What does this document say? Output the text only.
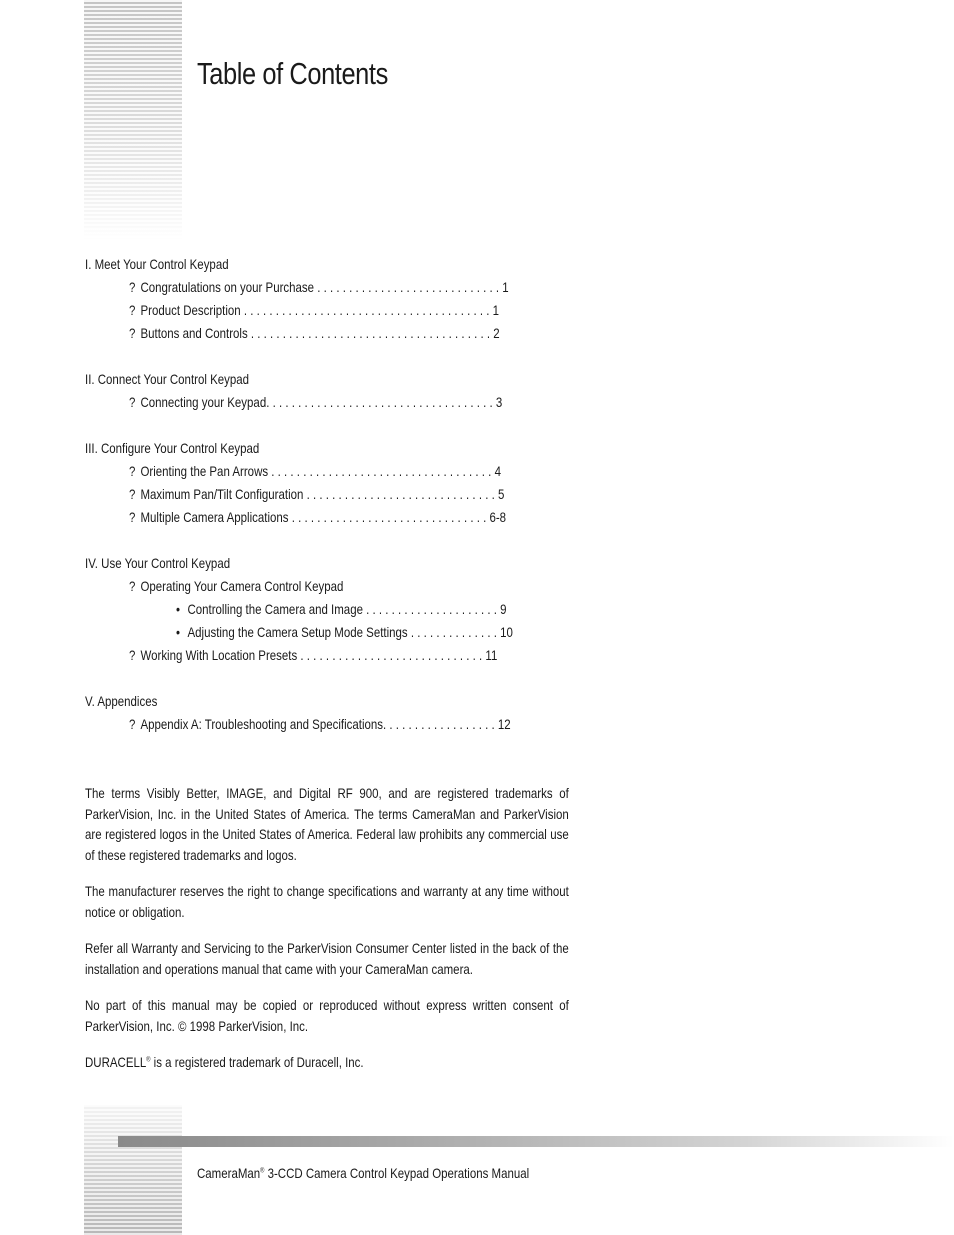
Table of Contents
I. Meet Your Control Keypad
? Congratulations on your Purchase . . . . . . . . . . . . . . . . . . . . . . . . . . . . . 1
? Product Description . . . . . . . . . . . . . . . . . . . . . . . . . . . . . . . . . . . . . . . 1
? Buttons and Controls . . . . . . . . . . . . . . . . . . . . . . . . . . . . . . . . . . . . . . 2
II. Connect Your Control Keypad
? Connecting your Keypad. . . . . . . . . . . . . . . . . . . . . . . . . . . . . . . . . . . . 3
III. Configure Your Control Keypad
? Orienting the Pan Arrows . . . . . . . . . . . . . . . . . . . . . . . . . . . . . . . . . . . 4
? Maximum Pan/Tilt Configuration . . . . . . . . . . . . . . . . . . . . . . . . . . . . . . 5
? Multiple Camera Applications . . . . . . . . . . . . . . . . . . . . . . . . . . . . . . . 6-8
IV. Use Your Control Keypad
? Operating Your Camera Control Keypad
• Controlling the Camera and Image . . . . . . . . . . . . . . . . . . . . . 9
• Adjusting the Camera Setup Mode Settings . . . . . . . . . . . . . . 10
? Working With Location Presets . . . . . . . . . . . . . . . . . . . . . . . . . . . . . 11
V. Appendices
? Appendix A: Troubleshooting and Specifications. . . . . . . . . . . . . . . . . . 12

The terms Visibly Better, IMAGE, and Digital RF 900, and are registered trademarks of ParkerVision, Inc. in the United States of America. The terms CameraMan and ParkerVision are registered logos in the United States of America. Federal law prohibits any commercial use of these registered trademarks and logos.

The manufacturer reserves the right to change specifications and warranty at any time without notice or obligation.

Refer all Warranty and Servicing to the ParkerVision Consumer Center listed in the back of the installation and operations manual that came with your CameraMan camera.

No part of this manual may be copied or reproduced without express written consent of ParkerVision, Inc. © 1998 ParkerVision, Inc.

DURACELL® is a registered trademark of Duracell, Inc.

CameraMan® 3-CCD Camera Control Keypad Operations Manual
